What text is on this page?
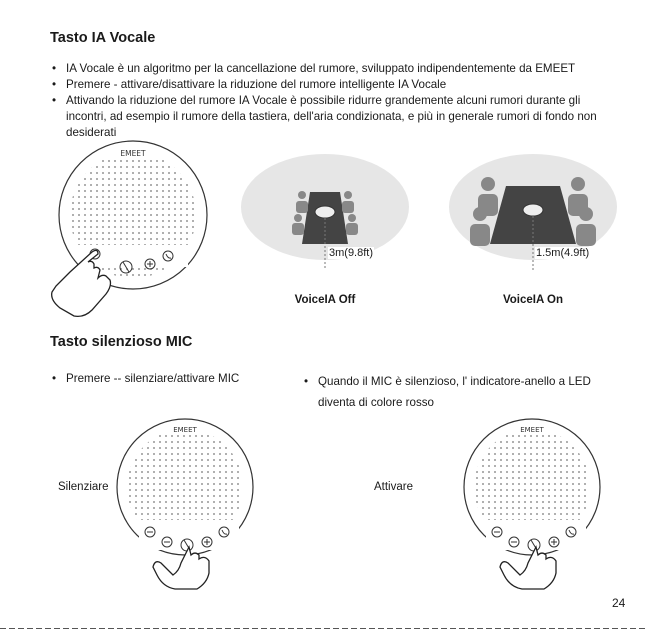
Tasto IA Vocale
• IA Vocale è un algoritmo per la cancellazione del rumore, sviluppato indipendentemente da EMEET
• Premere - attivare/disattivare la riduzione del rumore intelligente IA Vocale
• Attivando la riduzione del rumore IA Vocale è possibile ridurre grandemente alcuni rumori durante gli incontri, ad esempio il rumore della tastiera, dell'aria condizionata, e più in generale rumori di fondo non desiderati
EMEET
3m(9.8ft)
VoiceIA Off
1.5m(4.9ft)
VoiceIA On
Tasto silenzioso MIC
• Premere -- silenziare/attivare MIC
•	Quando il MIC è silenzioso, l' indicatore-anello a LED diventa di colore rosso
Silenziare
EMEET
Attivare
EMEET
24
